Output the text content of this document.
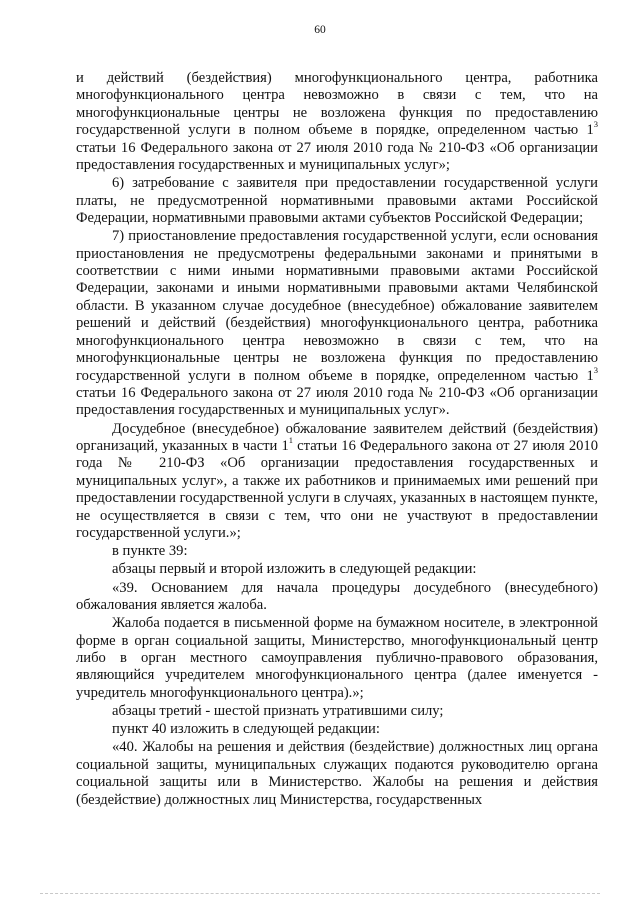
60

и действий (бездействия) многофункционального центра, работника многофункционального центра невозможно в связи с тем, что на многофункциональные центры не возложена функция по предоставлению государственной услуги в полном объеме в порядке, определенном частью $1^3$ статьи 16 Федерального закона от 27 июля 2010 года № 210-ФЗ «Об организации предоставления государственных и муниципальных услуг»;

6) затребование с заявителя при предоставлении государственной услуги платы, не предусмотренной нормативными правовыми актами Российской Федерации, нормативными правовыми актами субъектов Российской Федерации;

7) приостановление предоставления государственной услуги, если основания приостановления не предусмотрены федеральными законами и принятыми в соответствии с ними иными нормативными правовыми актами Российской Федерации, законами и иными нормативными правовыми актами Челябинской области. В указанном случае досудебное (внесудебное) обжалование заявителем решений и действий (бездействия) многофункционального центра, работника многофункционального центра невозможно в связи с тем, что на многофункциональные центры не возложена функция по предоставлению государственной услуги в полном объеме в порядке, определенном частью $1^3$ статьи 16 Федерального закона от 27 июля 2010 года № 210-ФЗ «Об организации предоставления государственных и муниципальных услуг».

Досудебное (внесудебное) обжалование заявителем действий (бездействия) организаций, указанных в части $1^1$ статьи 16 Федерального закона от 27 июля 2010 года № 210-ФЗ «Об организации предоставления государственных и муниципальных услуг», а также их работников и принимаемых ими решений при предоставлении государственной услуги в случаях, указанных в настоящем пункте, не осуществляется в связи с тем, что они не участвуют в предоставлении государственной услуги.»;

в пункте 39:

абзацы первый и второй изложить в следующей редакции:

«39. Основанием для начала процедуры досудебного (внесудебного) обжалования является жалоба.

Жалоба подается в письменной форме на бумажном носителе, в электронной форме в орган социальной защиты, Министерство, многофункциональный центр либо в орган местного самоуправления публично-правового образования, являющийся учредителем многофункционального центра (далее именуется - учредитель многофункционального центра).»;

абзацы третий - шестой признать утратившими силу;

пункт 40 изложить в следующей редакции:

«40. Жалобы на решения и действия (бездействие) должностных лиц органа социальной защиты, муниципальных служащих подаются руководителю органа социальной защиты или в Министерство. Жалобы на решения и действия (бездействие) должностных лиц Министерства, государственных
